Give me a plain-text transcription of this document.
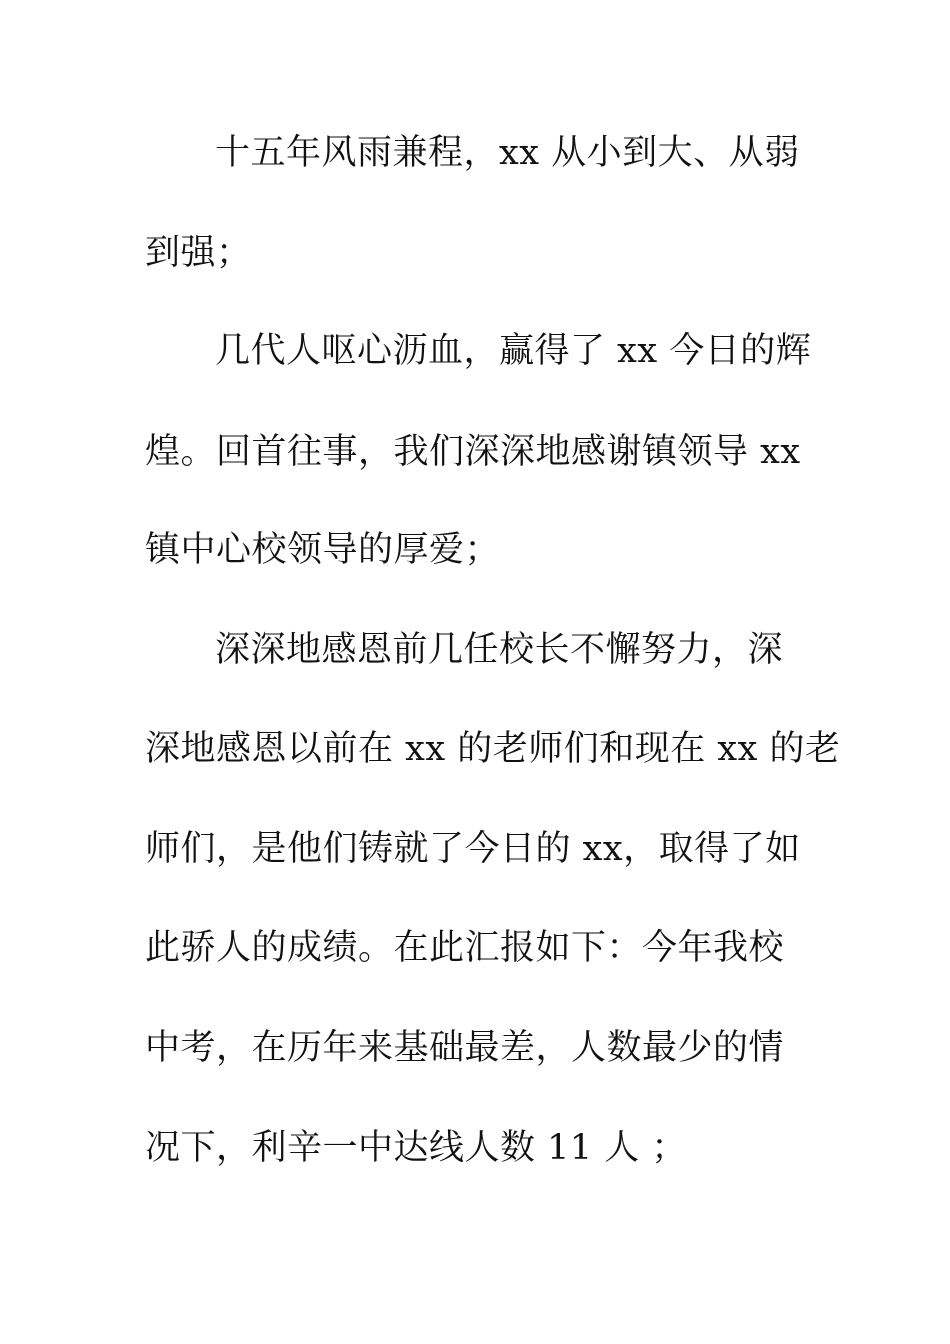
十五年风雨兼程，xx 从小到大、从弱
到强；
几代人呕心沥血，赢得了 xx 今日的辉
煌。回首往事，我们深深地感谢镇领导 xx
镇中心校领导的厚爱；
深深地感恩前几任校长不懈努力，深
深地感恩以前在 xx 的老师们和现在 xx 的老
师们，是他们铸就了今日的 xx，取得了如
此骄人的成绩。在此汇报如下：今年我校
中考，在历年来基础最差，人数最少的情
况下，利辛一中达线人数 11 人 ；
